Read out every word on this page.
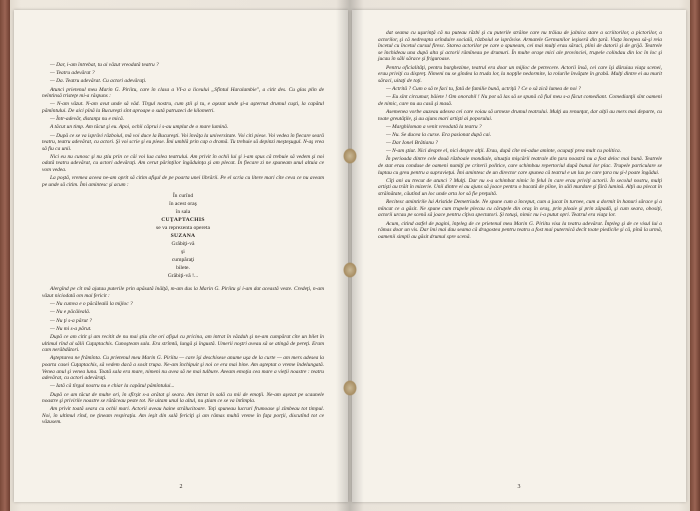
— Dar, i-am întrebat, tu ai văzut vreodată teatru ?

— Teatru adevărat ?

— Da. Teatru adevărat. Cu actori adevăraţi.

Atunci prietenul meu Marin G. Piriitu, care în clasa a VI-a a liceului „Sfîntul Haralambie", a citit des. Cu glas plin de neîntinsă tristeţe mi-a răspuns :

— N-am văzut. N-am avut unde să văd. Tîrgul nostru, cum ştii şi tu, e aşezat unde şi-a aşternut drumul cuşti, la capătul pămîntului. De aici pînă la Bucureşti sînt aproape o sută patruzeci de kilometri.

— Într-adevăr, distanţa nu e mică.

A tăcut un timp. Am tăcut şi eu. Apoi, ochii căprui i s-au umplut de o mare lumină.

— După ce se va isprăvi războiul, mă voi duce la Bucureşti. Voi învăţa la universitate. Voi citi piese. Voi vedea în fiecare seară teatru, teatru adevărat, cu actori. Şi voi scrie şi eu piese. Îmi umblă prin cap o dramă. Tu trebuie să depinzi meşteşugul. N-aş vrea să fiu ca unii.

Nici eu nu cunosc şi nu ştiu prin ce căi voi lua calea teatrului. Am privit în ochii lui şi i-am spus că trebuie să vedem şi noi odată teatru adevărat, cu actori adevăraţi. Am cerut părinţilor îngăduinţa şi am plecat. În fiecare zi ne spuneam unul altuia ce vom vedea.

La poştă, vremea aceea ne-am oprit să citim afişul de pe poarta unei librării. Pe el scria cu litere mari cîte ceva ce nu aveam pe unde să citim. Îmi amintesc şi acum :

În curînd
în acest oraş
în sala
CUŢAPTACHIS
se va reprezenta opereta
SUZANA
Grăbiţi-vă
şi
cumpăraţi
bilete.
Grăbiţi-vă !...

Alergînd pe cît mă ajutau puterile prin apăsată înălţă, m-am dus la Marin G. Piriitu şi i-am dat această veste. Credeţi, n-am văzut niciodată om mai fericit :

— Nu cumva e o păcăleală la mijloc ?

— Nu e păcăleală.

— Nu ţi s-a părut ?

— Nu mi s-a părut.

După ce am citit şi am recitit de nu mai ştiu cîte ori afişul cu pricina, am intrat în văzduh şi ne-am cumpărat cîte un bilet în ultimul rînd al sălii Cuţaptachis. Cunoşteam sala. Era strîmtă, lungă şi îngustă. Umerii noştri aveau să se atingă de pereţi. Eram cam nerăbdători.

Aşteptarea ne frămînta. Cu prietenul meu Marin G. Piriitu — care îşi deschisese anume uşa de la curte — am mers adesea la poarta casei Cuţaptachis, să vedem dacă a sosit trupa. Ne-am închipuit şi noi ce era mai bine. Am aşteptat o vreme îndelungată. Venea anul şi venea luna. Toată sala era mare, nimeni nu avea să ne mai tulbure. Aveam emoţia cea mare a vieţii noastre : teatru adevărat, cu actori adevăraţi.

— Iată că tîrgul nostru nu e chiar la capătul pămîntului...

După ce am tăcut de multe ori, în sfîrşit s-a arătat şi seara. Am intrat în sală cu mii de emoţii. Ne-am aşezat pe scaunele noastre şi privirile noastre se rătăceau peste tot. Ne uitam unul la altul, nu ştiam ce se va întîmpla.

Am privit toată seara cu ochii mari. Actorii aveau haine strălucitoare. Toţi spuneau lucruri frumoase şi zîmbeau tot timpul. Noi, în ultimul rînd, ne ţineam respiraţia. Am ieşit din sală fericiţi şi am rămas multă vreme în faţa porţii, discutînd tot ce văzusem.

2

dat seama cu uşurinţă că nu puteau răzbi şi cu puterile străine care nu trăiau de jalnica stare a scriitorilor, a pictorilor, a actorilor, şi că nedreapta orînduire socială, războiul se isprăvise. Armatele Germanilor ieşiseră din ţară. Viaţa începea să-şi reia încetul cu încetul cursul firesc. Starea actorilor pe care o spuneam, cei mai mulţi erau săraci, plini de datorii şi de grijă. Teatrele se închideau una după alta şi actorii rămîneau pe drumuri. În multe oraşe mici ale provinciei, trupele colindau din loc în loc şi jucau în săli sărace şi friguroase.

Pentru oficialităţi, pentru burghezime, teatrul era doar un mijloc de petrecere. Actorii însă, cei care îşi dăruiau viaţa scenei, erau priviţi cu dispreţ. Nimeni nu se gîndea la truda lor, la nopţile nedormite, la rolurile învăţate în grabă. Mulţi dintre ei au murit săraci, uitaţi de toţi.

— Actrită ? Cum o să te faci tu, fată de familie bună, actriţă ? Ce o să zică lumea de noi ?

— Eu sînt circumar, băiete ! Om onorabil ! Nu pot să las să se spună că fiul meu s-a făcut comediant. Comedianţii sînt oameni de nimic, care nu au casă şi masă.

Asemenea vorbe auzeau adesea cei care voiau să urmeze drumul teatrului. Mulţi au renunţat, dar alţii au mers mai departe, cu toate greutăţile, şi au ajuns mari artişti ai poporului.

— Marghiloman a venit vreodată la teatru ?

— Nu. Se ducea la curse. Era pasionat după cai.

— Dar Ionel Brătianu ?

— N-am ştiut. Nici despre el, nici despre alţii. Erau, după cîte mi-adue aminte, ocupaţi prea mult cu politica.

În perioada dintre cele două războaie mondiale, situaţia mişcării teatrale din ţara noastră nu a fost deloc mai bună. Teatrele de stat erau conduse de oameni numiţi pe criterii politice, care schimbau repertoriul după bunul lor plac. Trupele particulare se luptau cu greu pentru a supravieţui. Îmi amintesc de un director care spunea că teatrul e un lux pe care ţara nu şi-l poate îngădui.

Cîţi ani au trecut de atunci ? Mulţi. Dar nu s-a schimbat nimic în felul în care erau priviţi actorii. În secolul nostru, mulţi artişti au trăit în mizerie. Unii dintre ei au ajuns să joace pentru o bucată de pîine, în săli murdare şi fără lumină. Alţii au plecat în străinătate, căutînd un loc unde arta lor să fie preţuită.

Recitesc amintirile lui Aristide Demetriade. Ne spune cum a început, cum a jucat în turnee, cum a dormit în hanuri sărace şi a mîncat ce a găsit. Ne spune cum trupele plecau cu căruţele din oraş în oraş, prin ploaie şi prin zăpadă, şi cum seara, obosiţi, actorii urcau pe scenă să joace pentru cîţiva spectatori. Şi totuşi, nimic nu i-a putut opri. Teatrul era viaţa lor.

Acum, citind astfel de pagini, înţeleg de ce prietenul meu Marin G. Piriitu visa la teatru adevărat. Înţeleg şi de ce visul lui a rămas doar un vis. Dar îmi mai dau seama că dragostea pentru teatru a fost mai puternică decît toate piedicile şi că, pînă la urmă, oamenii simpli au găsit drumul spre scenă.

3
